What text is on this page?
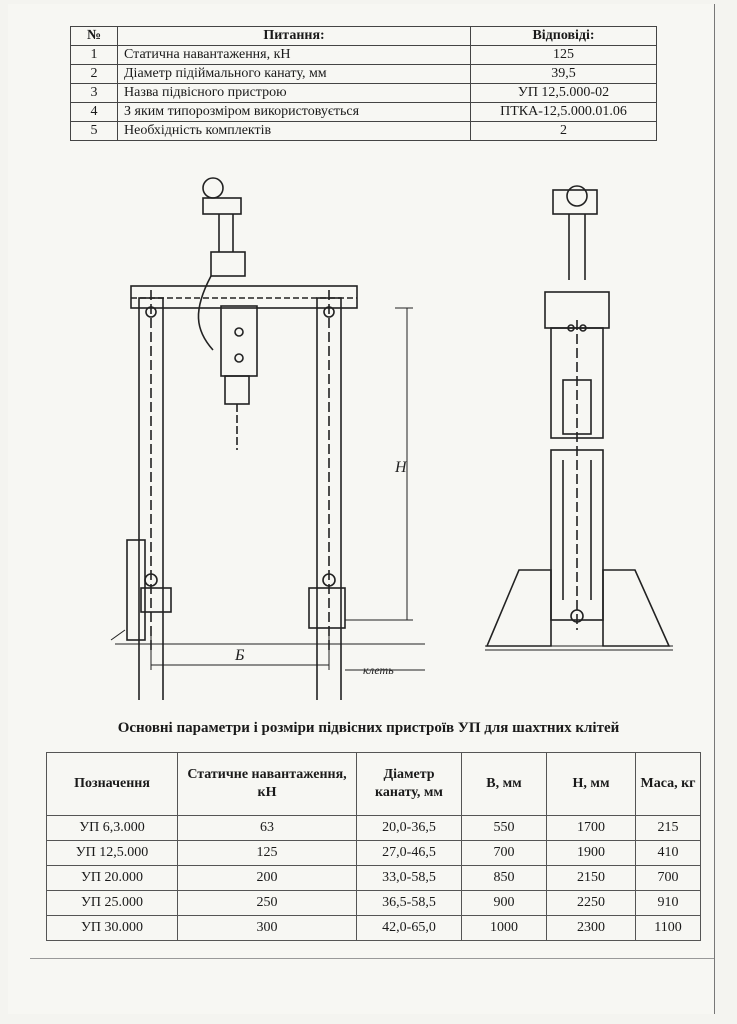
№	Питання:	Відповіді:
1	Статична навантаження, кН	125
2	Діаметр підіймального канату, мм	39,5
3	Назва підвісного пристрою	УП 12,5.000-02
4	З яким типорозміром використовується	ПТКА-12,5.000.01.06
5	Необхідність комплектів	2
Б
Н
клеть
Основні параметри і розміри підвісних пристроїв УП для шахтних клітей
Позначення	Статичне навантаження, кН	Діаметр канату, мм	В, мм	Н, мм	Маса, кг
УП 6,3.000	63	20,0-36,5	550	1700	215
УП 12,5.000	125	27,0-46,5	700	1900	410
УП 20.000	200	33,0-58,5	850	2150	700
УП 25.000	250	36,5-58,5	900	2250	910
УП 30.000	300	42,0-65,0	1000	2300	1100
